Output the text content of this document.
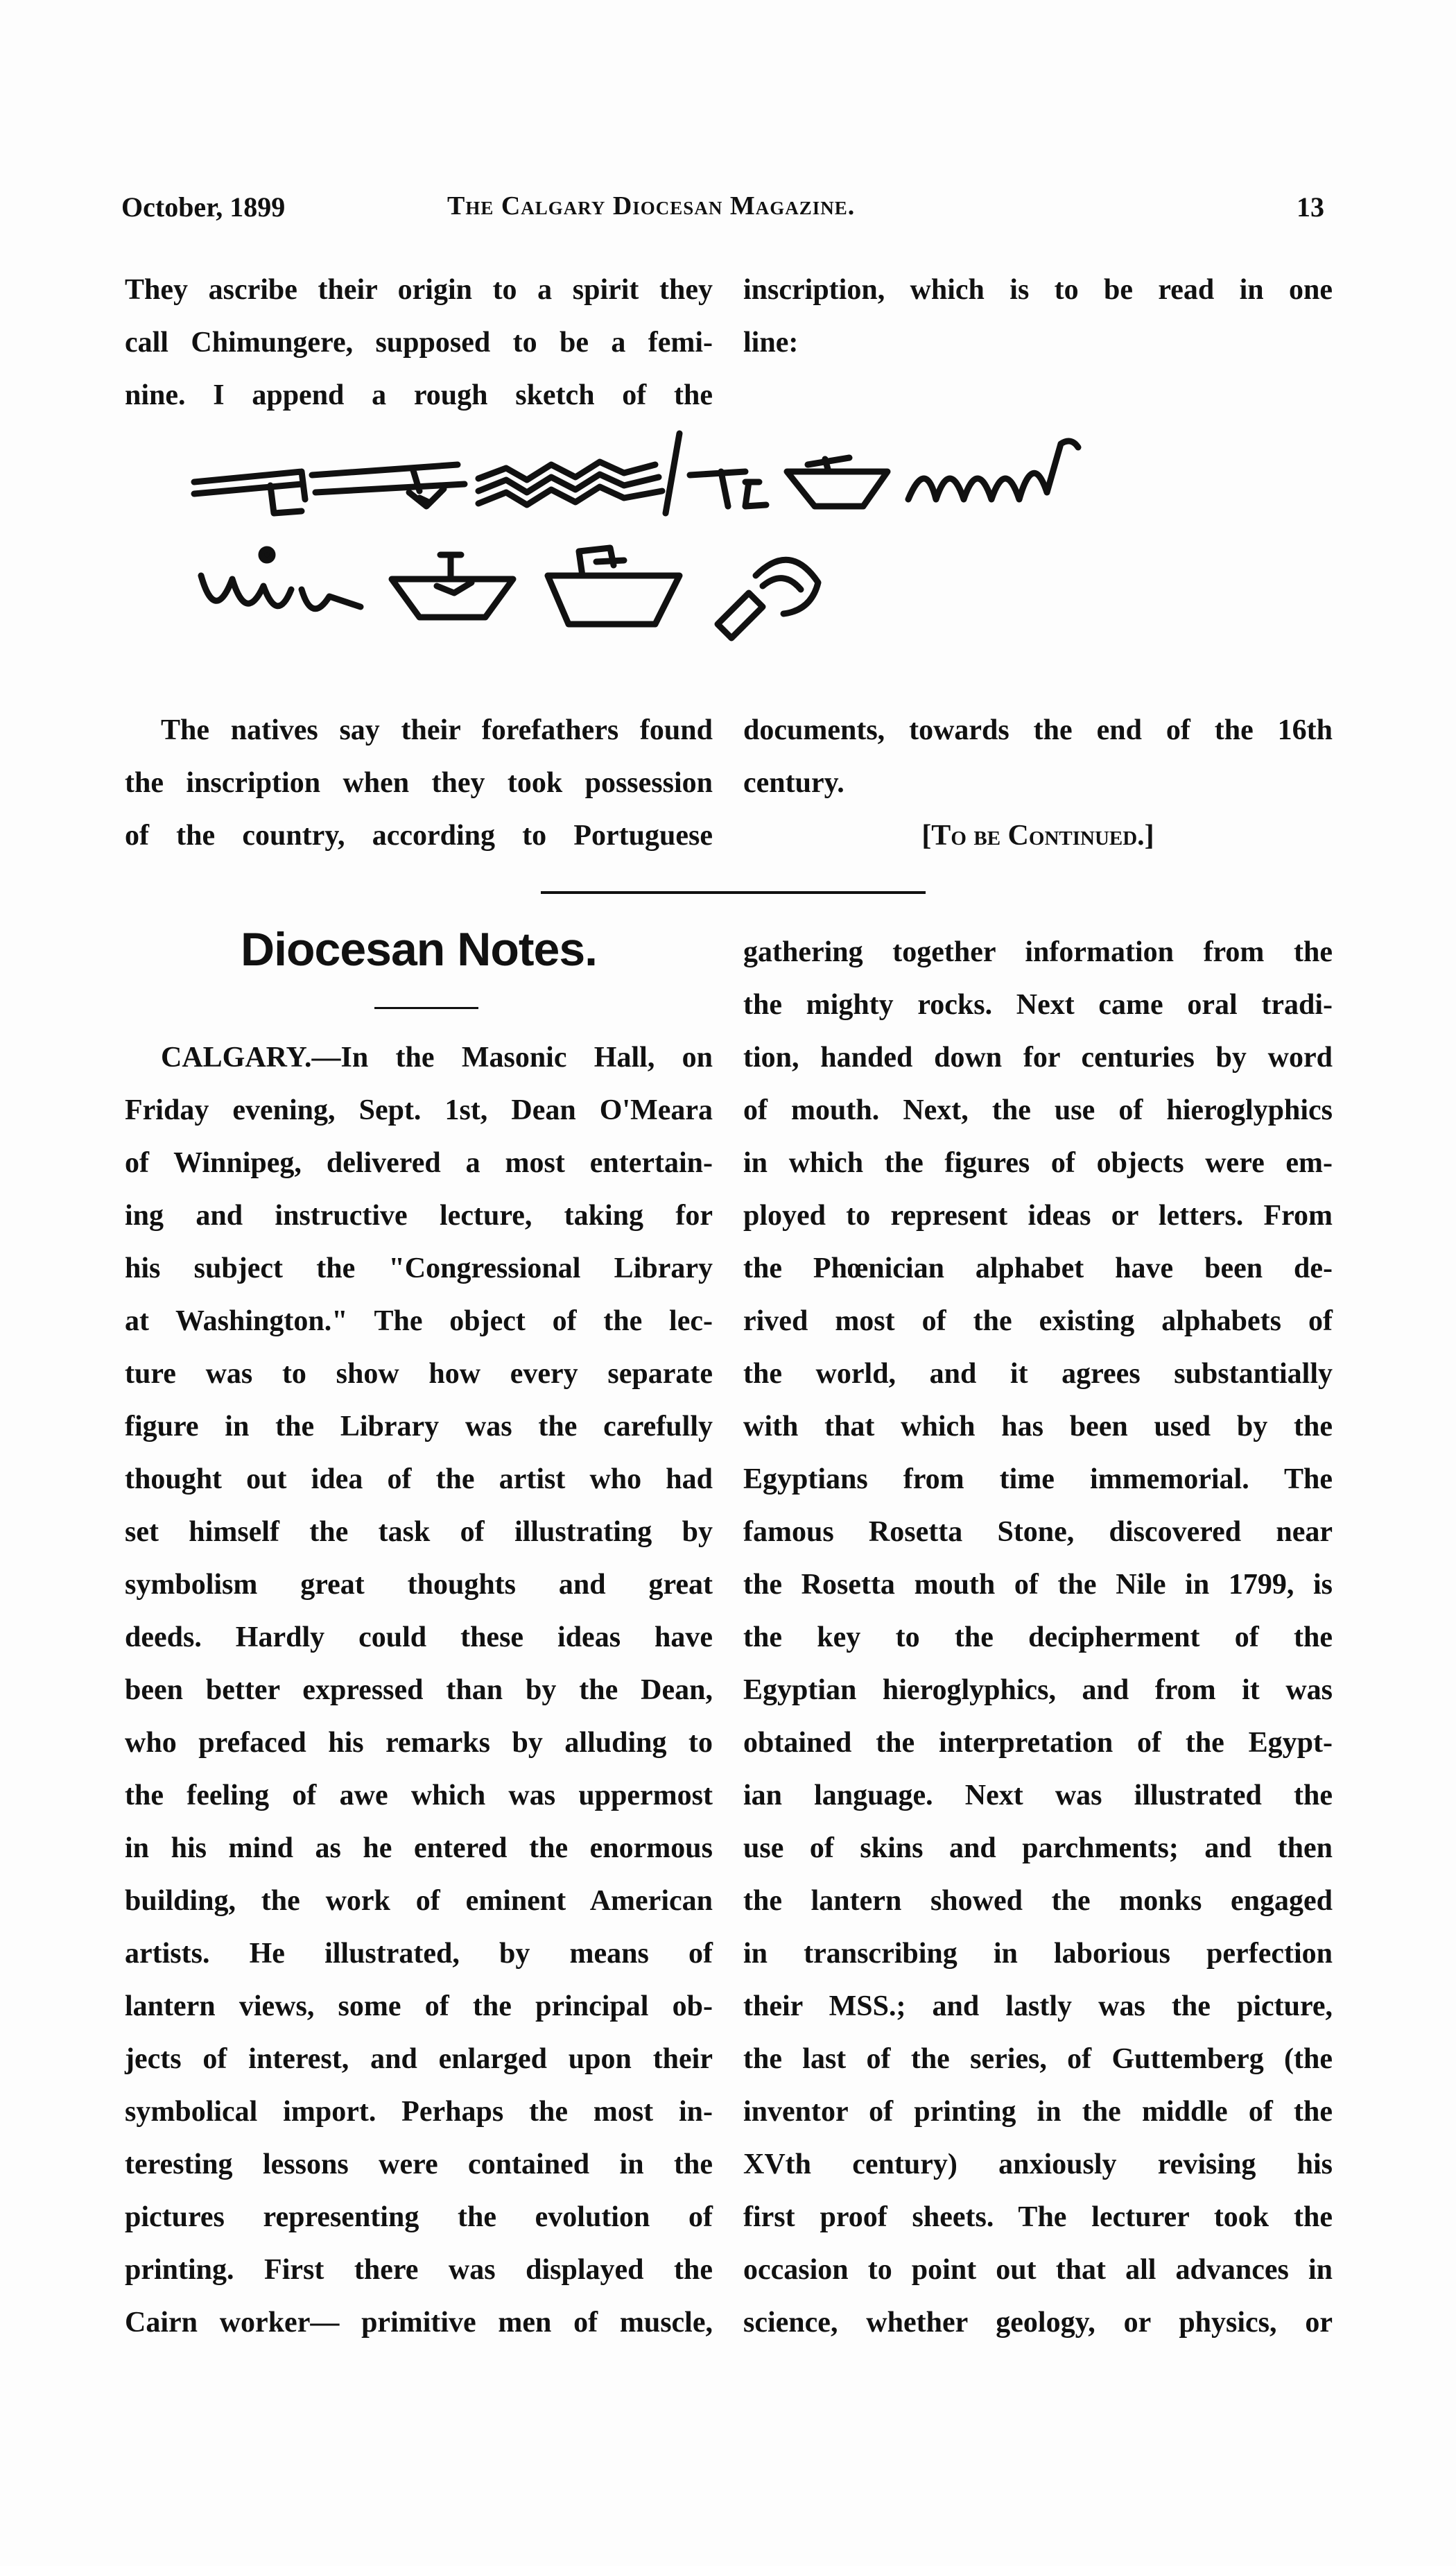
October, 1899	The Calgary Diocesan Magazine.	13
They ascribe their origin to a spirit they
call Chimungere, supposed to be a femi-
nine. I append a rough sketch of the
inscription, which is to be read in one
line:
The natives say their forefathers found
the inscription when they took possession
of the country, according to Portuguese
documents, towards the end of the 16th
century.
[To be Continued.]
Diocesan Notes.
CALGARY.—In the Masonic Hall, on
Friday evening, Sept. 1st, Dean O'Meara
of Winnipeg, delivered a most entertain-
ing and instructive lecture, taking for
his subject the "Congressional Library
at Washington." The object of the lec-
ture was to show how every separate
figure in the Library was the carefully
thought out idea of the artist who had
set himself the task of illustrating by
symbolism great thoughts and great
deeds. Hardly could these ideas have
been better expressed than by the Dean,
who prefaced his remarks by alluding to
the feeling of awe which was uppermost
in his mind as he entered the enormous
building, the work of eminent American
artists. He illustrated, by means of
lantern views, some of the principal ob-
jects of interest, and enlarged upon their
symbolical import. Perhaps the most in-
teresting lessons were contained in the
pictures representing the evolution of
printing. First there was displayed the
Cairn worker— primitive men of muscle,
gathering together information from the
the mighty rocks. Next came oral tradi-
tion, handed down for centuries by word
of mouth. Next, the use of hieroglyphics
in which the figures of objects were em-
ployed to represent ideas or letters. From
the Phœnician alphabet have been de-
rived most of the existing alphabets of
the world, and it agrees substantially
with that which has been used by the
Egyptians from time immemorial. The
famous Rosetta Stone, discovered near
the Rosetta mouth of the Nile in 1799, is
the key to the decipherment of the
Egyptian hieroglyphics, and from it was
obtained the interpretation of the Egypt-
ian language. Next was illustrated the
use of skins and parchments; and then
the lantern showed the monks engaged
in transcribing in laborious perfection
their MSS.; and lastly was the picture,
the last of the series, of Guttemberg (the
inventor of printing in the middle of the
XVth century) anxiously revising his
first proof sheets. The lecturer took the
occasion to point out that all advances in
science, whether geology, or physics, or
